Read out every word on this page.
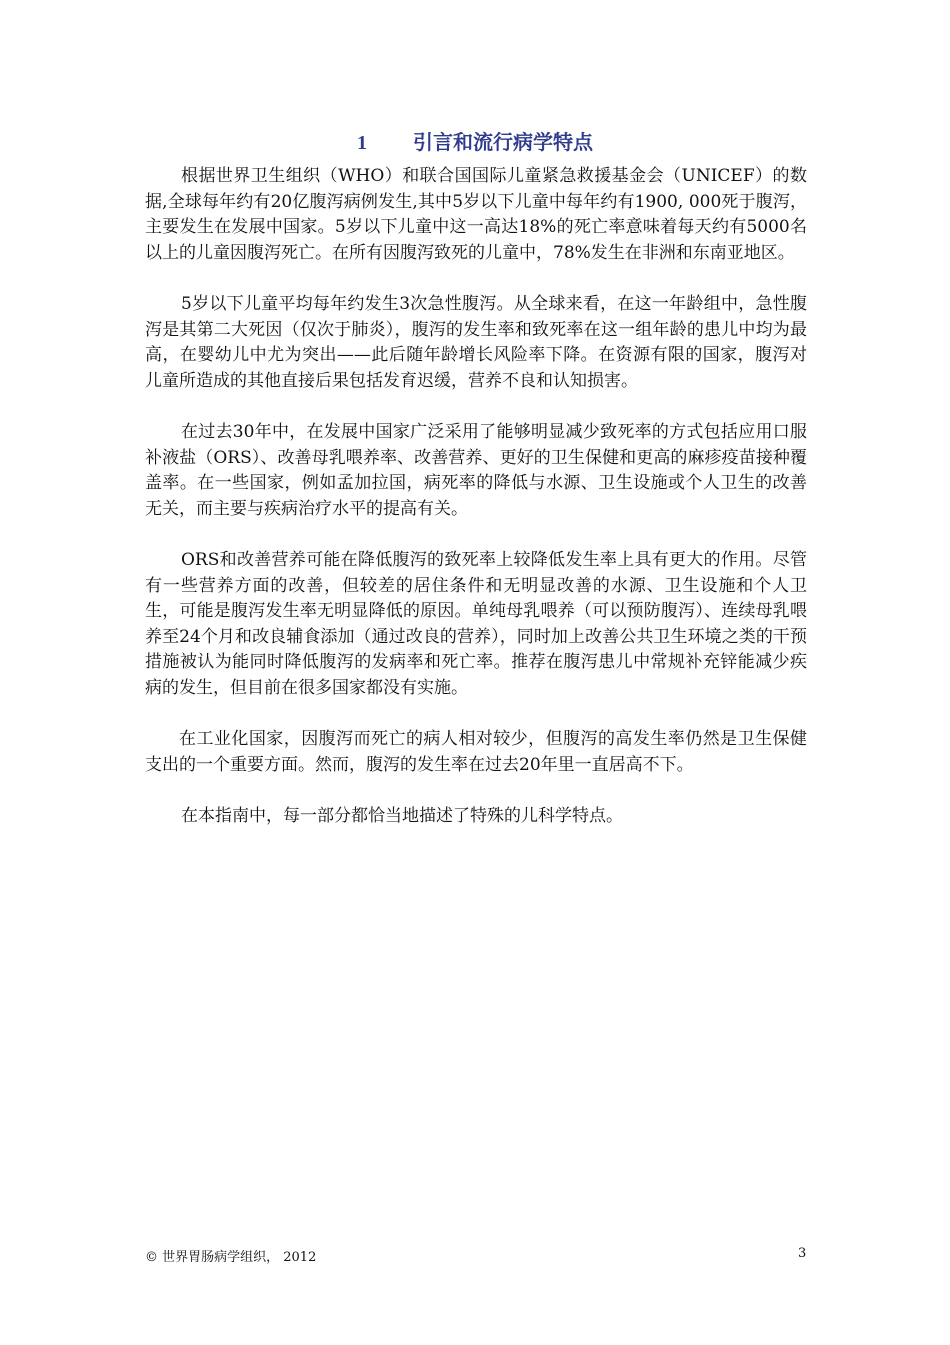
1 引言和流行病学特点

根据世界卫生组织（WHO）和联合国国际儿童紧急救援基金会（UNICEF）的数据,全球每年约有20亿腹泻病例发生,其中5岁以下儿童中每年约有1900, 000死于腹泻，主要发生在发展中国家。5岁以下儿童中这一高达18%的死亡率意味着每天约有5000名以上的儿童因腹泻死亡。在所有因腹泻致死的儿童中，78%发生在非洲和东南亚地区。

5岁以下儿童平均每年约发生3次急性腹泻。从全球来看，在这一年龄组中，急性腹泻是其第二大死因（仅次于肺炎），腹泻的发生率和致死率在这一组年龄的患儿中均为最高，在婴幼儿中尤为突出——此后随年龄增长风险率下降。在资源有限的国家，腹泻对儿童所造成的其他直接后果包括发育迟缓，营养不良和认知损害。

在过去30年中，在发展中国家广泛采用了能够明显减少致死率的方式包括应用口服补液盐（ORS）、改善母乳喂养率、改善营养、更好的卫生保健和更高的麻疹疫苗接种覆盖率。在一些国家，例如孟加拉国，病死率的降低与水源、卫生设施或个人卫生的改善无关，而主要与疾病治疗水平的提高有关。

ORS和改善营养可能在降低腹泻的致死率上较降低发生率上具有更大的作用。尽管有一些营养方面的改善，但较差的居住条件和无明显改善的水源、卫生设施和个人卫生，可能是腹泻发生率无明显降低的原因。单纯母乳喂养（可以预防腹泻）、连续母乳喂养至24个月和改良辅食添加（通过改良的营养），同时加上改善公共卫生环境之类的干预措施被认为能同时降低腹泻的发病率和死亡率。推荐在腹泻患儿中常规补充锌能减少疾病的发生，但目前在很多国家都没有实施。

在工业化国家，因腹泻而死亡的病人相对较少，但腹泻的高发生率仍然是卫生保健支出的一个重要方面。然而，腹泻的发生率在过去20年里一直居高不下。

在本指南中，每一部分都恰当地描述了特殊的儿科学特点。

© 世界胃肠病学组织， 2012	3
